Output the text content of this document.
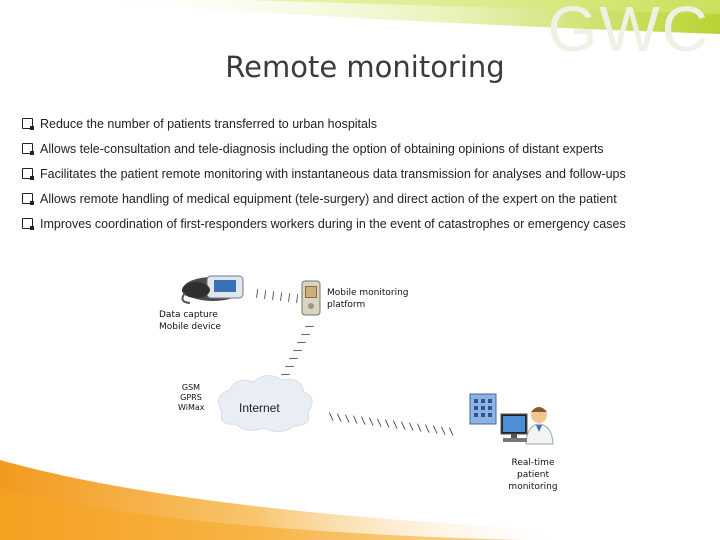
GWC
Remote monitoring
Reduce the number of patients transferred to urban hospitals
Allows tele-consultation and tele-diagnosis including the option of obtaining opinions of distant experts
Facilitates the patient remote monitoring with instantaneous data transmission for analyses and follow-ups
Allows remote handling of medical equipment (tele-surgery) and direct action of the expert on the patient
Improves coordination of first-responders workers during in the event of catastrophes or emergency cases
/ / / / / /
/
/
/
/
/
/
/
\ \ \ \ \ \ \ \ \ \ \ \ \ \ \ \
Data capture
Mobile device
Mobile monitoring
platform
GSM
GPRS
WiMax	Internet
Real-time patient
monitoring
